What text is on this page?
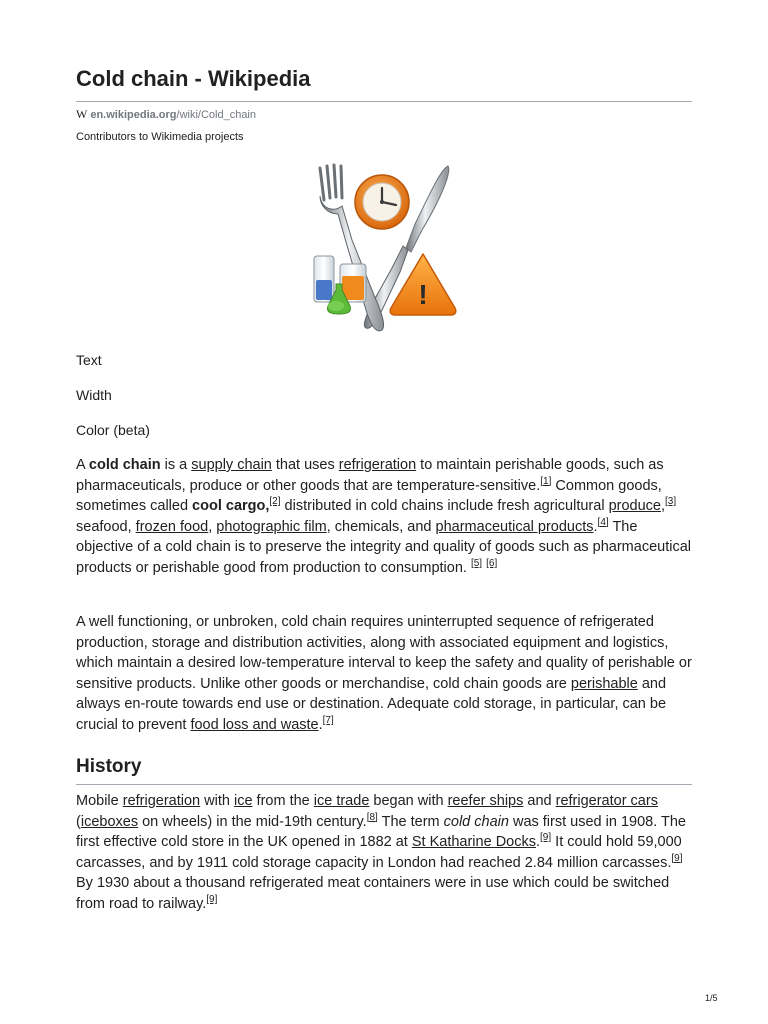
Cold chain - Wikipedia
W en.wikipedia.org/wiki/Cold_chain
Contributors to Wikimedia projects
!
Text
Width
Color (beta)

A cold chain is a supply chain that uses refrigeration to maintain perishable goods, such as pharmaceuticals, produce or other goods that are temperature-sensitive.[1] Common goods, sometimes called cool cargo,[2] distributed in cold chains include fresh agricultural produce,[3] seafood, frozen food, photographic film, chemicals, and pharmaceutical products.[4] The objective of a cold chain is to preserve the integrity and quality of goods such as pharmaceutical products or perishable good from production to consumption. [5] [6]

A well functioning, or unbroken, cold chain requires uninterrupted sequence of refrigerated production, storage and distribution activities, along with associated equipment and logistics, which maintain a desired low-temperature interval to keep the safety and quality of perishable or sensitive products. Unlike other goods or merchandise, cold chain goods are perishable and always en-route towards end use or destination. Adequate cold storage, in particular, can be crucial to prevent food loss and waste.[7]

History

Mobile refrigeration with ice from the ice trade began with reefer ships and refrigerator cars (iceboxes on wheels) in the mid-19th century.[8] The term cold chain was first used in 1908. The first effective cold store in the UK opened in 1882 at St Katharine Docks.[9] It could hold 59,000 carcasses, and by 1911 cold storage capacity in London had reached 2.84 million carcasses.[9] By 1930 about a thousand refrigerated meat containers were in use which could be switched from road to railway.[9]

1/5
